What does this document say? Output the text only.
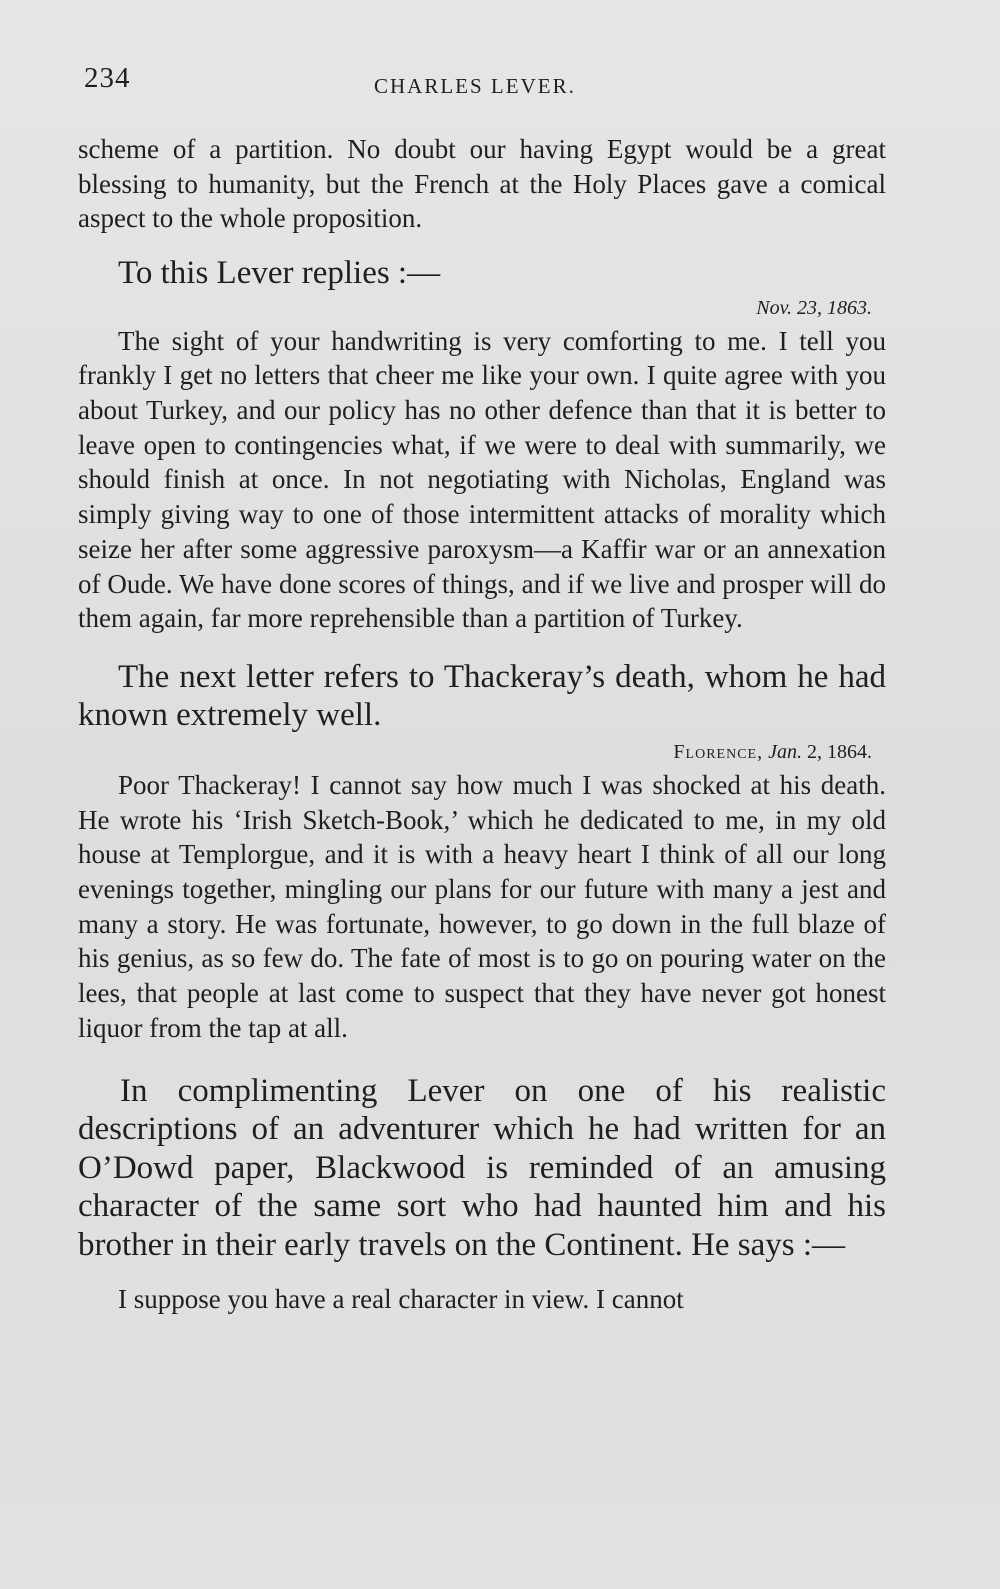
234	CHARLES LEVER.

scheme of a partition. No doubt our having Egypt would be a great blessing to humanity, but the French at the Holy Places gave a comical aspect to the whole proposition.

To this Lever replies :—

Nov. 23, 1863.

The sight of your handwriting is very comforting to me. I tell you frankly I get no letters that cheer me like your own. I quite agree with you about Turkey, and our policy has no other defence than that it is better to leave open to contingencies what, if we were to deal with summarily, we should finish at once. In not negotiating with Nicholas, England was simply giving way to one of those intermittent attacks of morality which seize her after some aggressive paroxysm—a Kaffir war or an annexation of Oude. We have done scores of things, and if we live and prosper will do them again, far more reprehensible than a partition of Turkey.

The next letter refers to Thackeray’s death, whom he had known extremely well.

Florence, Jan. 2, 1864.

Poor Thackeray! I cannot say how much I was shocked at his death. He wrote his ‘Irish Sketch-Book,’ which he dedicated to me, in my old house at Templorgue, and it is with a heavy heart I think of all our long evenings together, mingling our plans for our future with many a jest and many a story. He was fortunate, however, to go down in the full blaze of his genius, as so few do. The fate of most is to go on pouring water on the lees, that people at last come to suspect that they have never got honest liquor from the tap at all.

In complimenting Lever on one of his realistic descriptions of an adventurer which he had written for an O’Dowd paper, Blackwood is reminded of an amusing character of the same sort who had haunted him and his brother in their early travels on the Continent. He says :—

I suppose you have a real character in view. I cannot
